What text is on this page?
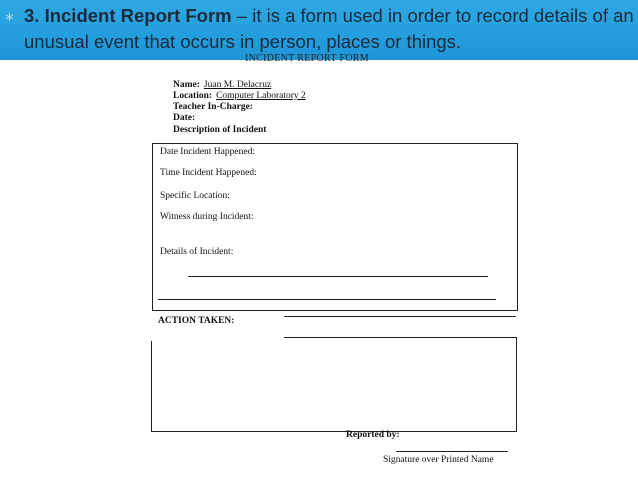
∗ 3. Incident Report Form – it is a form used in order to record details of an unusual event that occurs in person, places or things.

INCIDENT REPORT FORM
Name: Juan M. Delacruz
Location: Computer Laboratory 2
Teacher In-Charge:
Date:
Description of Incident
Date Incident Happened:
Time Incident Happened:
Specific Location:
Witness during Incident:
Details of Incident:
ACTION TAKEN:
Reported by:
Signature over Printed Name
